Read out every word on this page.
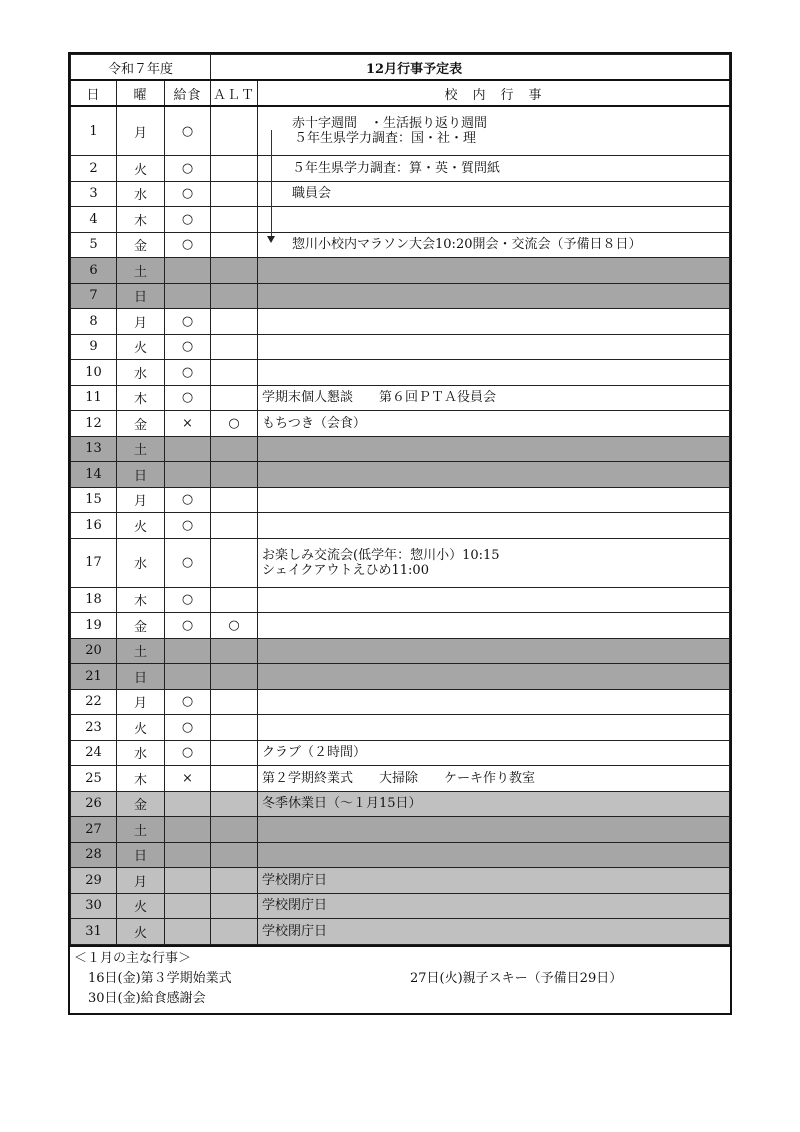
令和７年度			12月行事予定表	
日	曜	給食	ＡＬＴ	校　内　行　事
1	月	○		赤十字週間　・生活振り返り週間
５年生県学力調査：国・社・理

2	火	○		５年生県学力調査：算・英・質問紙

3	水	○		職員会

4	木	○		

5	金	○		惣川小校内マラソン大会10:20開会・交流会（予備日８日）

6	土			

7	日			

8	月	○		

9	火	○		

10	水	○		

11	木	○		学期末個人懇談　　第６回ＰＴＡ役員会

12	金	×	○	もちつき（会食）

13	土			

14	日			

15	月	○		

16	火	○		

17	水	○		お楽しみ交流会(低学年：惣川小）10:15
シェイクアウトえひめ11:00

18	木	○		

19	金	○	○	

20	土			

21	日			

22	月	○		

23	火	○		

24	水	○		クラブ（２時間）

25	木	×		第２学期終業式　　大掃除　　ケーキ作り教室

26	金			冬季休業日（～１月15日）

27	土			

28	日			

29	月			学校閉庁日

30	火			学校閉庁日

31	火			学校閉庁日
＜１月の主な行事＞
16日(金)第３学期始業式	27日(火)親子スキー（予備日29日）
30日(金)給食感謝会
